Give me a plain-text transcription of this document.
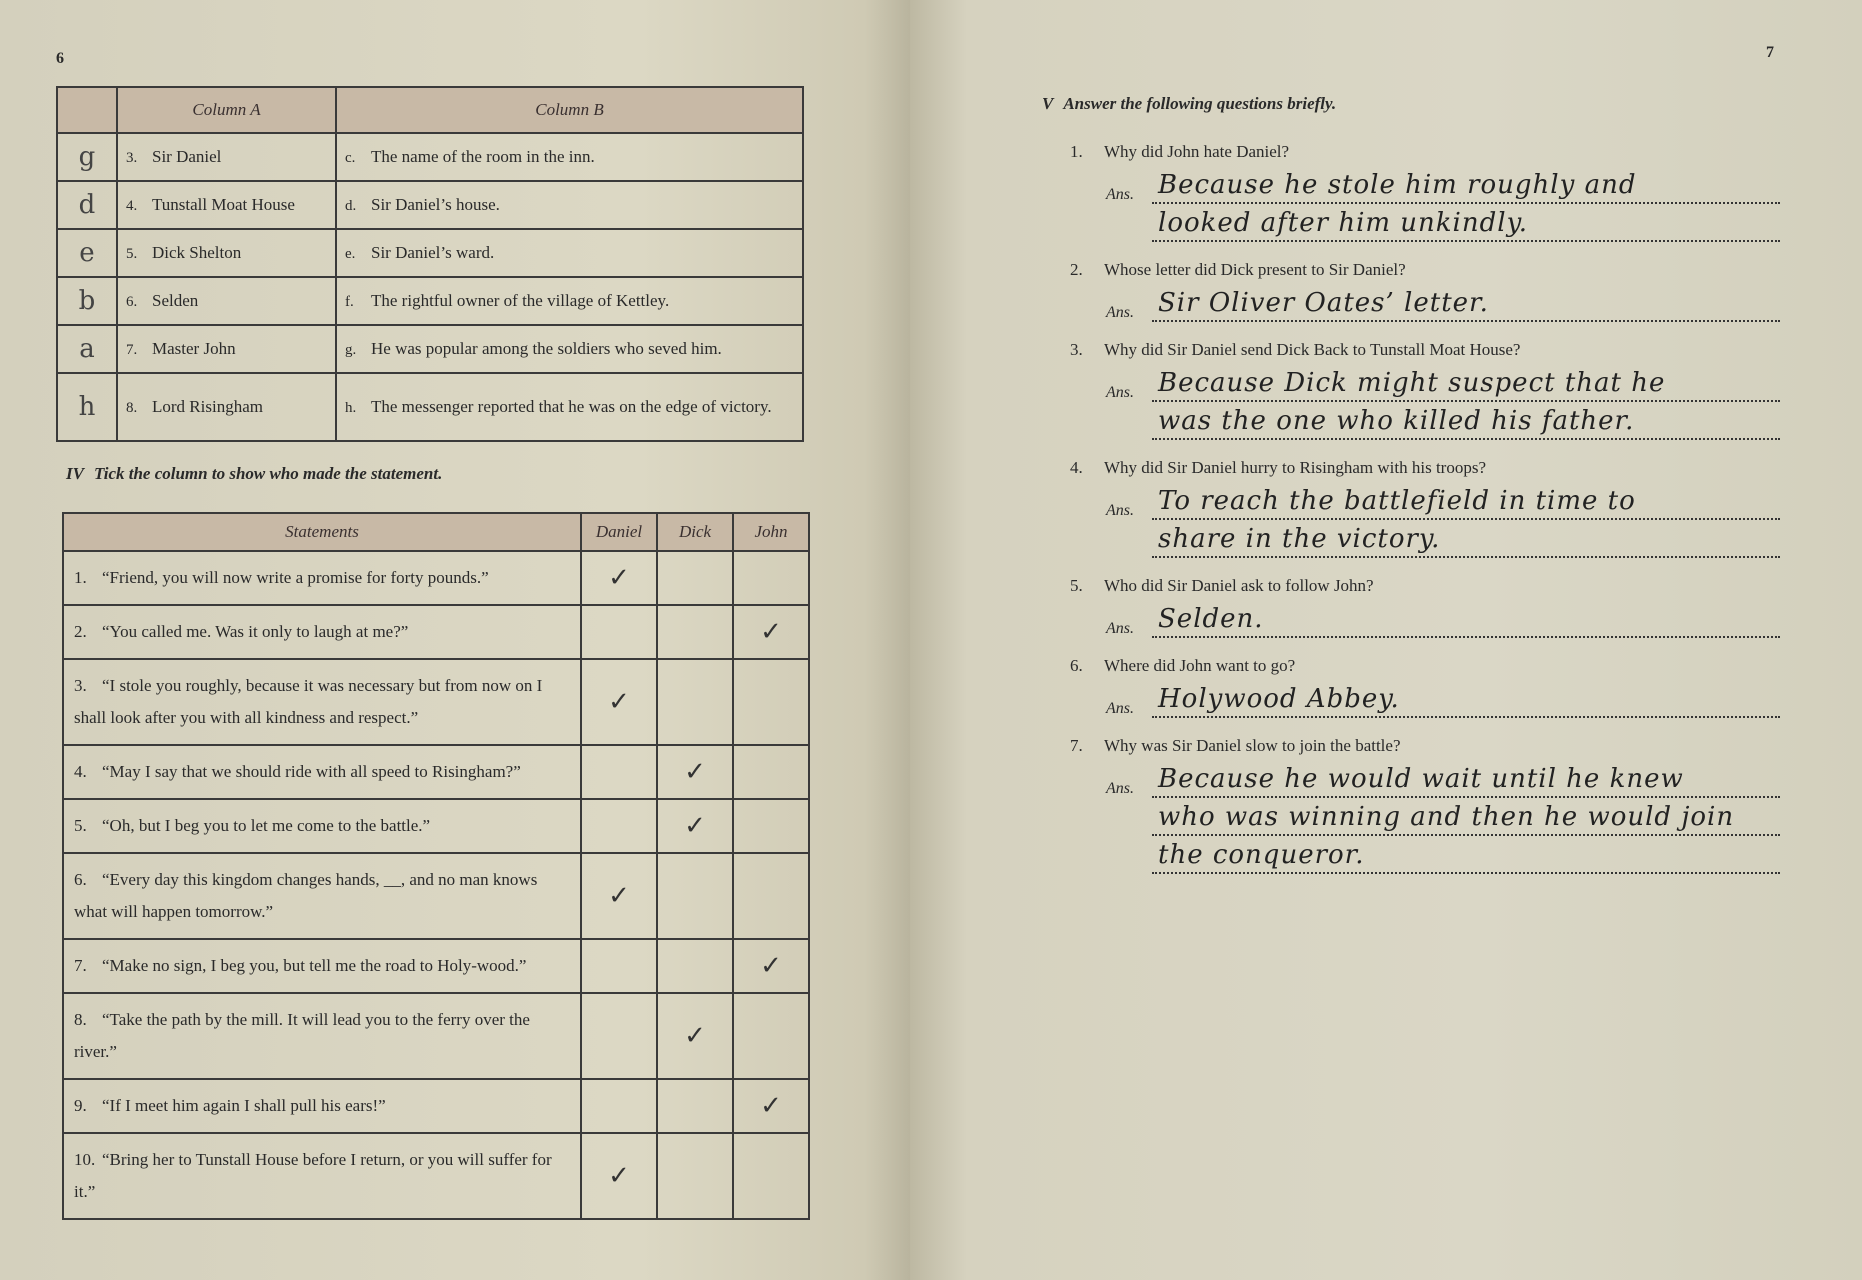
6
	Column A	Column B
g	3. Sir Daniel	c. The name of the room in the inn.
d	4. Tunstall Moat House	d. Sir Daniel’s house.
e	5. Dick Shelton	e. Sir Daniel’s ward.
b	6. Selden	f. The rightful owner of the village of Kettley.
a	7. Master John	g. He was popular among the soldiers who seved him.
h	8. Lord Risingham	h. The messenger reported that he was on the edge of victory.
IV Tick the column to show who made the statement.
Statements	Daniel	Dick	John
1. “Friend, you will now write a promise for forty pounds.”	✓		
2. “You called me. Was it only to laugh at me?”			✓
3. “I stole you roughly, because it was necessary but from now on I shall look after you with all kindness and respect.”	✓		
4. “May I say that we should ride with all speed to Risingham?”		✓	
5. “Oh, but I beg you to let me come to the battle.”		✓	
6. “Every day this kingdom changes hands, __, and no man knows what will happen tomorrow.”	✓		
7. “Make no sign, I beg you, but tell me the road to Holy-wood.”			✓
8. “Take the path by the mill. It will lead you to the ferry over the river.”		✓	
9. “If I meet him again I shall pull his ears!”			✓
10. “Bring her to Tunstall House before I return, or you will suffer for it.”	✓		
7
V Answer the following questions briefly.
1. Why did John hate Daniel?
Ans. Because he stole him roughly and
looked after him unkindly.
2. Whose letter did Dick present to Sir Daniel?
Ans. Sir Oliver Oates’ letter.
3. Why did Sir Daniel send Dick Back to Tunstall Moat House?
Ans. Because Dick might suspect that he
was the one who killed his father.
4. Why did Sir Daniel hurry to Risingham with his troops?
Ans. To reach the battlefield in time to
share in the victory.
5. Who did Sir Daniel ask to follow John?
Ans. Selden.
6. Where did John want to go?
Ans. Holywood Abbey.
7. Why was Sir Daniel slow to join the battle?
Ans. Because he would wait until he knew
who was winning and then he would join
the conqueror.
